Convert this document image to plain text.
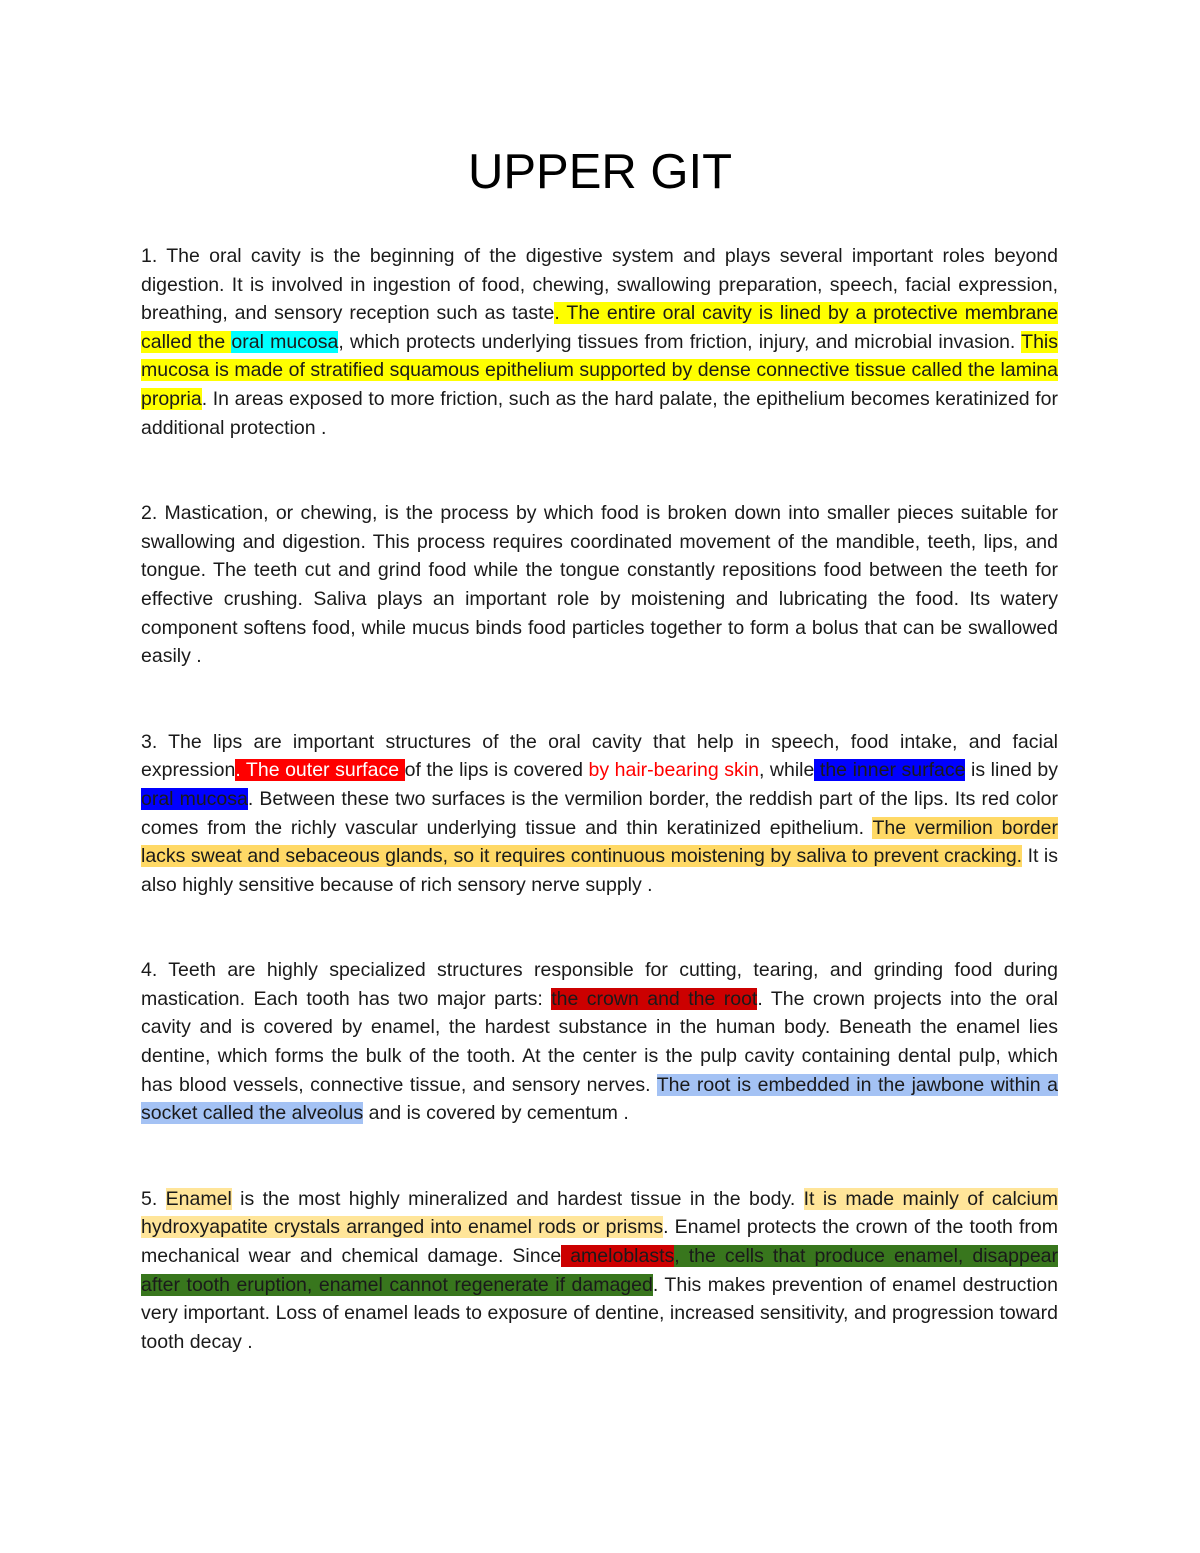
UPPER GIT

1. The oral cavity is the beginning of the digestive system and plays several important roles beyond digestion. It is involved in ingestion of food, chewing, swallowing preparation, speech, facial expression, breathing, and sensory reception such as taste. The entire oral cavity is lined by a protective membrane called the oral mucosa, which protects underlying tissues from friction, injury, and microbial invasion. This mucosa is made of stratified squamous epithelium supported by dense connective tissue called the lamina propria. In areas exposed to more friction, such as the hard palate, the epithelium becomes keratinized for additional protection .

2. Mastication, or chewing, is the process by which food is broken down into smaller pieces suitable for swallowing and digestion. This process requires coordinated movement of the mandible, teeth, lips, and tongue. The teeth cut and grind food while the tongue constantly repositions food between the teeth for effective crushing. Saliva plays an important role by moistening and lubricating the food. Its watery component softens food, while mucus binds food particles together to form a bolus that can be swallowed easily .

3. The lips are important structures of the oral cavity that help in speech, food intake, and facial expression. The outer surface of the lips is covered by hair-bearing skin, while the inner surface is lined by oral mucosa. Between these two surfaces is the vermilion border, the reddish part of the lips. Its red color comes from the richly vascular underlying tissue and thin keratinized epithelium. The vermilion border lacks sweat and sebaceous glands, so it requires continuous moistening by saliva to prevent cracking. It is also highly sensitive because of rich sensory nerve supply .

4. Teeth are highly specialized structures responsible for cutting, tearing, and grinding food during mastication. Each tooth has two major parts: the crown and the root. The crown projects into the oral cavity and is covered by enamel, the hardest substance in the human body. Beneath the enamel lies dentine, which forms the bulk of the tooth. At the center is the pulp cavity containing dental pulp, which has blood vessels, connective tissue, and sensory nerves. The root is embedded in the jawbone within a socket called the alveolus and is covered by cementum .

5. Enamel is the most highly mineralized and hardest tissue in the body. It is made mainly of calcium hydroxyapatite crystals arranged into enamel rods or prisms. Enamel protects the crown of the tooth from mechanical wear and chemical damage. Since ameloblasts, the cells that produce enamel, disappear after tooth eruption, enamel cannot regenerate if damaged. This makes prevention of enamel destruction very important. Loss of enamel leads to exposure of dentine, increased sensitivity, and progression toward tooth decay .
